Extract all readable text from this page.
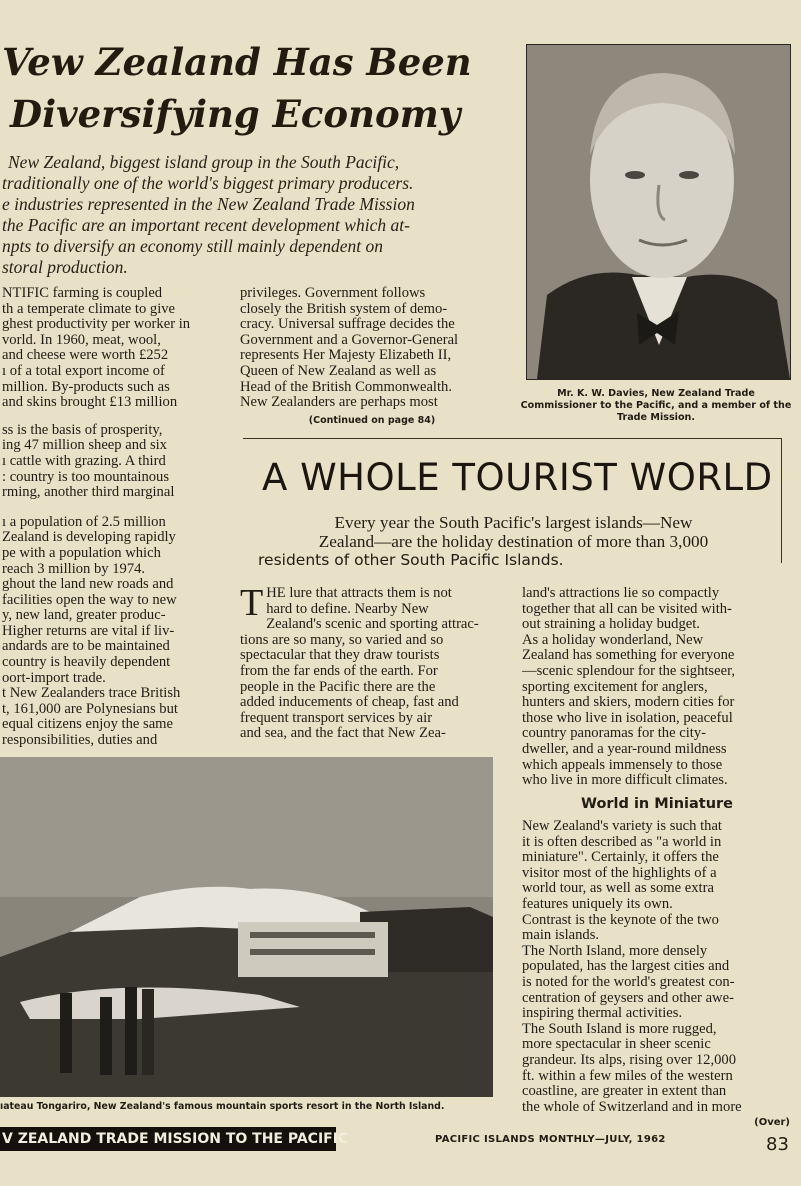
Vew Zealand Has Been
Diversifying Economy
New Zealand, biggest island group in the South Pacific,
traditionally one of the world's biggest primary producers.
e industries represented in the New Zealand Trade Mission
the Pacific are an important recent development which at-
npts to diversify an economy still mainly dependent on
storal production.

NTIFIC farming is coupled
th a temperate climate to give
ghest productivity per worker in
vorld. In 1960, meat, wool,
and cheese were worth £252
ı of a total export income of
million. By-products such as
and skins brought £13 million

ss is the basis of prosperity,
ing 47 million sheep and six
ı cattle with grazing. A third
: country is too mountainous
rming, another third marginal

ı a population of 2.5 million
Zealand is developing rapidly
pe with a population which
reach 3 million by 1974.
ghout the land new roads and
facilities open the way to new
y, new land, greater produc-
Higher returns are vital if liv-
andards are to be maintained
country is heavily dependent
oort-import trade.
t New Zealanders trace British
t, 161,000 are Polynesians but
equal citizens enjoy the same
responsibilities, duties and

privileges. Government follows
closely the British system of demo-
cracy. Universal suffrage decides the
Government and a Governor-General
represents Her Majesty Elizabeth II,
Queen of New Zealand as well as
Head of the British Commonwealth.
New Zealanders are perhaps most
(Continued on page 84)
Mr. K. W. Davies, New Zealand Trade Commissioner to the Pacific, and a member of the Trade Mission.
A WHOLE TOURIST WORLD
Every year the South Pacific's largest islands—New
Zealand—are the holiday destination of more than 3,000
residents of other South Pacific Islands.
T HE lure that attracts them is not
hard to define. Nearby New
Zealand's scenic and sporting attrac-
tions are so many, so varied and so
spectacular that they draw tourists
from the far ends of the earth. For
people in the Pacific there are the
added inducements of cheap, fast and
frequent transport services by air
and sea, and the fact that New Zea-
land's attractions lie so compactly
together that all can be visited with-
out straining a holiday budget.
As a holiday wonderland, New
Zealand has something for everyone
—scenic splendour for the sightseer,
sporting excitement for anglers,
hunters and skiers, modern cities for
those who live in isolation, peaceful
country panoramas for the city-
dweller, and a year-round mildness
which appeals immensely to those
who live in more difficult climates.
World in Miniature
New Zealand's variety is such that
it is often described as "a world in
miniature". Certainly, it offers the
visitor most of the highlights of a
world tour, as well as some extra
features uniquely its own.
Contrast is the keynote of the two
main islands.
The North Island, more densely
populated, has the largest cities and
is noted for the world's greatest con-
centration of geysers and other awe-
inspiring thermal activities.
The South Island is more rugged,
more spectacular in sheer scenic
grandeur. Its alps, rising over 12,000
ft. within a few miles of the western
coastline, are greater in extent than
the whole of Switzerland and in more
(Over)
ıateau Tongariro, New Zealand's famous mountain sports resort in the North Island.
V ZEALAND TRADE MISSION TO THE PACIFIC	PACIFIC ISLANDS MONTHLY—JULY, 1962	83
